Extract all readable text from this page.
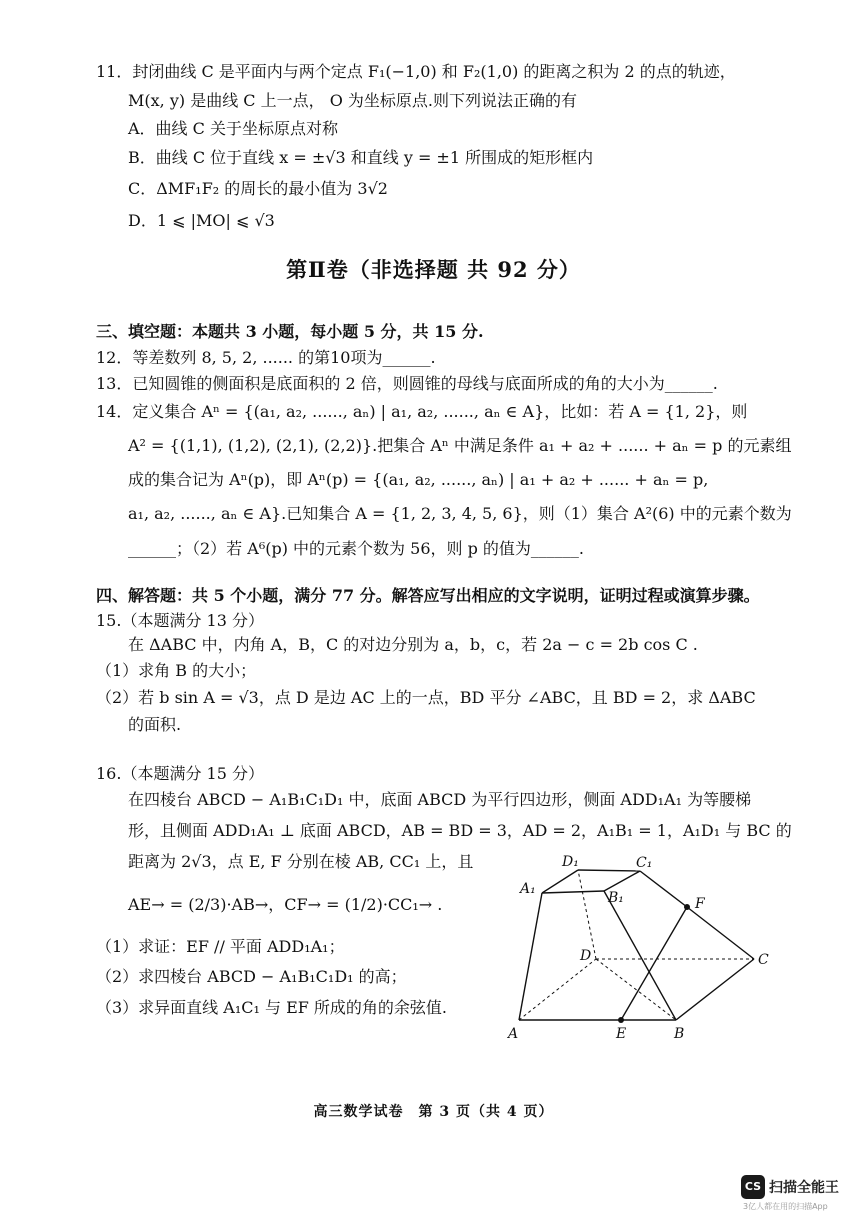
11．封闭曲线 C 是平面内与两个定点 F₁(−1,0) 和 F₂(1,0) 的距离之积为 2 的点的轨迹，
M(x, y) 是曲线 C 上一点， O 为坐标原点.则下列说法正确的有
A．曲线 C 关于坐标原点对称
B．曲线 C 位于直线 x = ±√3 和直线 y = ±1 所围成的矩形框内
C．ΔMF₁F₂ 的周长的最小值为 3√2
D．1 ⩽ |MO| ⩽ √3
第Ⅱ卷（非选择题 共 92 分）
三、填空题：本题共 3 小题，每小题 5 分，共 15 分.
12．等差数列 8, 5, 2, ...... 的第10项为______.
13．已知圆锥的侧面积是底面积的 2 倍，则圆锥的母线与底面所成的角的大小为______.
14．定义集合 Aⁿ = {(a₁, a₂, ......, aₙ) | a₁, a₂, ......, aₙ ∈ A}，比如：若 A = {1, 2}，则
A² = {(1,1), (1,2), (2,1), (2,2)}.把集合 Aⁿ 中满足条件 a₁ + a₂ + ...... + aₙ = p 的元素组
成的集合记为 Aⁿ(p)，即 Aⁿ(p) = {(a₁, a₂, ......, aₙ) | a₁ + a₂ + ...... + aₙ = p,
a₁, a₂, ......, aₙ ∈ A}.已知集合 A = {1, 2, 3, 4, 5, 6}，则（1）集合 A²(6) 中的元素个数为
______；（2）若 A⁶(p) 中的元素个数为 56，则 p 的值为______.
四、解答题：共 5 个小题，满分 77 分。解答应写出相应的文字说明，证明过程或演算步骤。
15.（本题满分 13 分）
在 ΔABC 中，内角 A，B，C 的对边分别为 a，b，c，若 2a − c = 2b cos C .
（1）求角 B 的大小；
（2）若 b sin A = √3，点 D 是边 AC 上的一点，BD 平分 ∠ABC，且 BD = 2，求 ΔABC
的面积.
16.（本题满分 15 分）
在四棱台 ABCD − A₁B₁C₁D₁ 中，底面 ABCD 为平行四边形，侧面 ADD₁A₁ 为等腰梯
形，且侧面 ADD₁A₁ ⊥ 底面 ABCD，AB = BD = 3，AD = 2，A₁B₁ = 1，A₁D₁ 与 BC 的
距离为 2√3，点 E, F 分别在棱 AB, CC₁ 上，且
AE→ = (2/3)·AB→，CF→ = (1/2)·CC₁→ .
（1）求证：EF // 平面 ADD₁A₁；
（2）求四棱台 ABCD − A₁B₁C₁D₁ 的高；
（3）求异面直线 A₁C₁ 与 EF 所成的角的余弦值.
A	E	B
C
D
F
A₁
B₁
C₁
D₁
高三数学试卷　第 3 页（共 4 页）
CS 扫描全能王
3亿人都在用的扫描App
